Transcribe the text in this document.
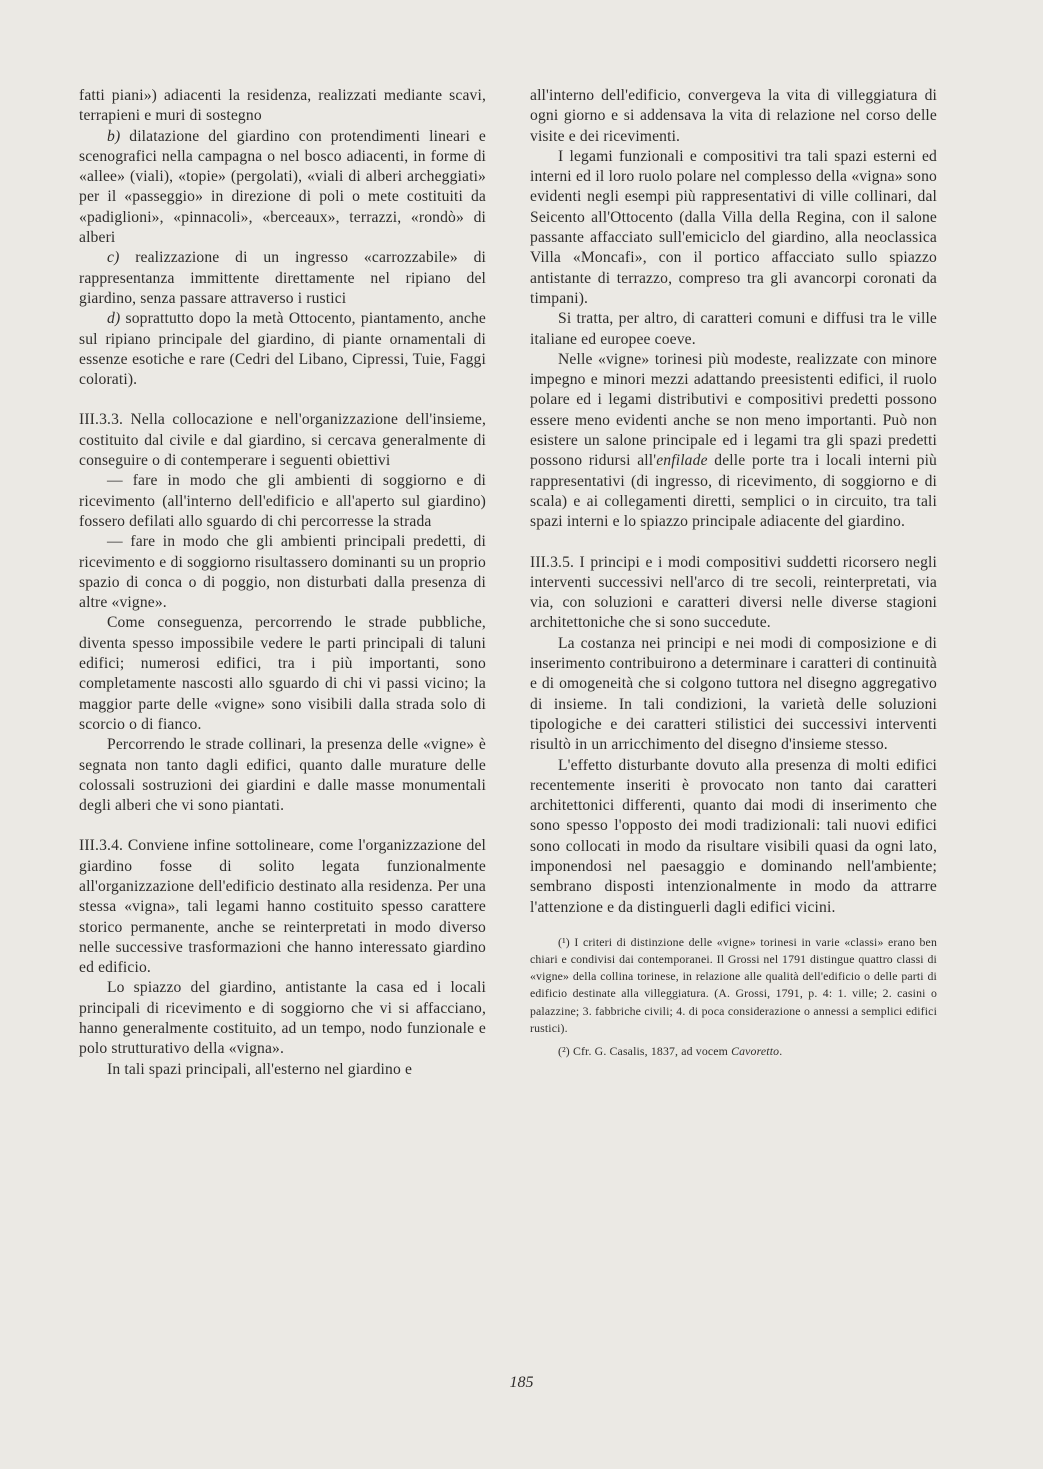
fatti piani») adiacenti la residenza, realizzati mediante scavi, terrapieni e muri di sostegno

b) dilatazione del giardino con protendimenti lineari e scenografici nella campagna o nel bosco adiacenti, in forme di «allee» (viali), «topie» (pergolati), «viali di alberi archeggiati» per il «passeggio» in direzione di poli o mete costituiti da «padiglioni», «pinnacoli», «berceaux», terrazzi, «rondò» di alberi

c) realizzazione di un ingresso «carrozzabile» di rappresentanza immittente direttamente nel ripiano del giardino, senza passare attraverso i rustici

d) soprattutto dopo la metà Ottocento, piantamento, anche sul ripiano principale del giardino, di piante ornamentali di essenze esotiche e rare (Cedri del Libano, Cipressi, Tuie, Faggi colorati).

III.3.3. Nella collocazione e nell'organizzazione dell'insieme, costituito dal civile e dal giardino, si cercava generalmente di conseguire o di contemperare i seguenti obiettivi

— fare in modo che gli ambienti di soggiorno e di ricevimento (all'interno dell'edificio e all'aperto sul giardino) fossero defilati allo sguardo di chi percorresse la strada

— fare in modo che gli ambienti principali predetti, di ricevimento e di soggiorno risultassero dominanti su un proprio spazio di conca o di poggio, non disturbati dalla presenza di altre «vigne».

Come conseguenza, percorrendo le strade pubbliche, diventa spesso impossibile vedere le parti principali di taluni edifici; numerosi edifici, tra i più importanti, sono completamente nascosti allo sguardo di chi vi passi vicino; la maggior parte delle «vigne» sono visibili dalla strada solo di scorcio o di fianco.

Percorrendo le strade collinari, la presenza delle «vigne» è segnata non tanto dagli edifici, quanto dalle murature delle colossali sostruzioni dei giardini e dalle masse monumentali degli alberi che vi sono piantati.

III.3.4. Conviene infine sottolineare, come l'organizzazione del giardino fosse di solito legata funzionalmente all'organizzazione dell'edificio destinato alla residenza. Per una stessa «vigna», tali legami hanno costituito spesso carattere storico permanente, anche se reinterpretati in modo diverso nelle successive trasformazioni che hanno interessato giardino ed edificio.

Lo spiazzo del giardino, antistante la casa ed i locali principali di ricevimento e di soggiorno che vi si affacciano, hanno generalmente costituito, ad un tempo, nodo funzionale e polo strutturativo della «vigna».

In tali spazi principali, all'esterno nel giardino e

all'interno dell'edificio, convergeva la vita di villeggiatura di ogni giorno e si addensava la vita di relazione nel corso delle visite e dei ricevimenti.

I legami funzionali e compositivi tra tali spazi esterni ed interni ed il loro ruolo polare nel complesso della «vigna» sono evidenti negli esempi più rappresentativi di ville collinari, dal Seicento all'Ottocento (dalla Villa della Regina, con il salone passante affacciato sull'emiciclo del giardino, alla neoclassica Villa «Moncafi», con il portico affacciato sullo spiazzo antistante di terrazzo, compreso tra gli avancorpi coronati da timpani).

Si tratta, per altro, di caratteri comuni e diffusi tra le ville italiane ed europee coeve.

Nelle «vigne» torinesi più modeste, realizzate con minore impegno e minori mezzi adattando preesistenti edifici, il ruolo polare ed i legami distributivi e compositivi predetti possono essere meno evidenti anche se non meno importanti. Può non esistere un salone principale ed i legami tra gli spazi predetti possono ridursi all'enfilade delle porte tra i locali interni più rappresentativi (di ingresso, di ricevimento, di soggiorno e di scala) e ai collegamenti diretti, semplici o in circuito, tra tali spazi interni e lo spiazzo principale adiacente del giardino.

III.3.5. I principi e i modi compositivi suddetti ricorsero negli interventi successivi nell'arco di tre secoli, reinterpretati, via via, con soluzioni e caratteri diversi nelle diverse stagioni architettoniche che si sono succedute.

La costanza nei principi e nei modi di composizione e di inserimento contribuirono a determinare i caratteri di continuità e di omogeneità che si colgono tuttora nel disegno aggregativo di insieme. In tali condizioni, la varietà delle soluzioni tipologiche e dei caratteri stilistici dei successivi interventi risultò in un arricchimento del disegno d'insieme stesso.

L'effetto disturbante dovuto alla presenza di molti edifici recentemente inseriti è provocato non tanto dai caratteri architettonici differenti, quanto dai modi di inserimento che sono spesso l'opposto dei modi tradizionali: tali nuovi edifici sono collocati in modo da risultare visibili quasi da ogni lato, imponendosi nel paesaggio e dominando nell'ambiente; sembrano disposti intenzionalmente in modo da attrarre l'attenzione e da distinguerli dagli edifici vicini.

(¹) I criteri di distinzione delle «vigne» torinesi in varie «classi» erano ben chiari e condivisi dai contemporanei. Il Grossi nel 1791 distingue quattro classi di «vigne» della collina torinese, in relazione alle qualità dell'edificio o delle parti di edificio destinate alla villeggiatura. (A. Grossi, 1791, p. 4: 1. ville; 2. casini o palazzine; 3. fabbriche civili; 4. di poca considerazione o annessi a semplici edifici rustici).

(²) Cfr. G. Casalis, 1837, ad vocem Cavoretto.

185
